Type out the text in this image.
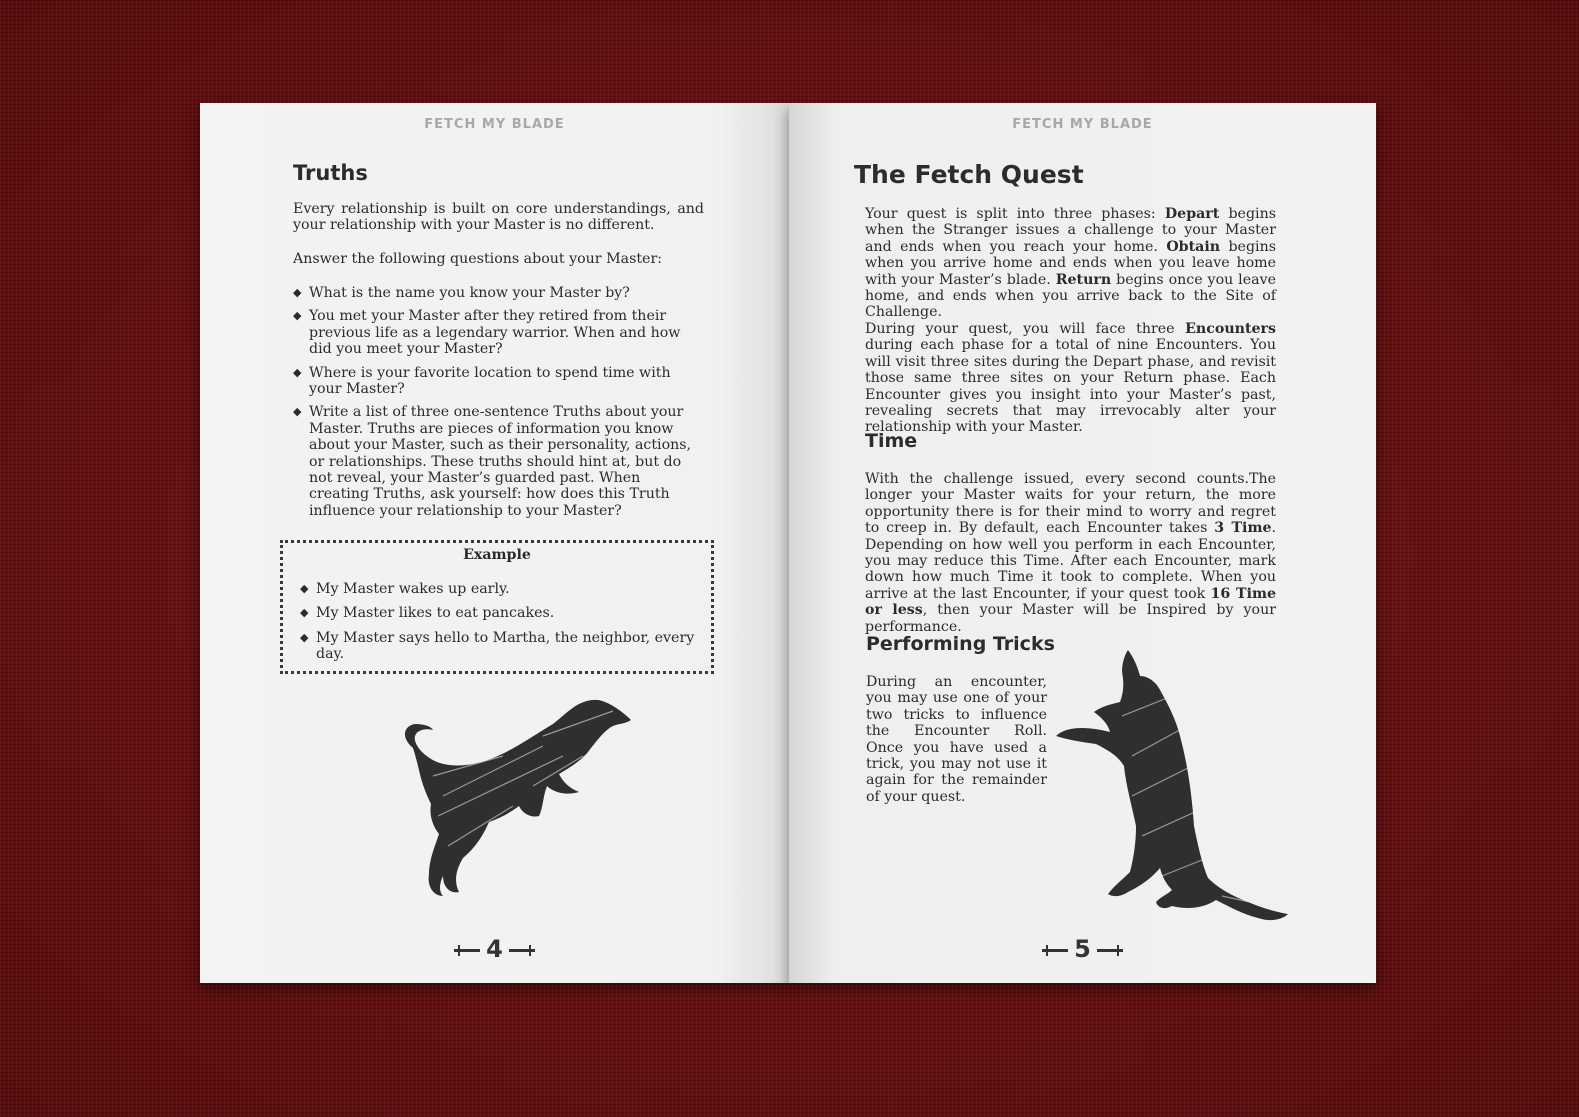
FETCH MY BLADE
Truths

Every relationship is built on core understandings, and your relationship with your Master is no different.

Answer the following questions about your Master:

◆ What is the name you know your Master by?
◆ You met your Master after they retired from their previous life as a legendary warrior. When and how did you meet your Master?
◆ Where is your favorite location to spend time with your Master?
◆ Write a list of three one-sentence Truths about your Master. Truths are pieces of information you know about your Master, such as their personality, actions, or relationships. These truths should hint at, but do not reveal, your Master’s guarded past. When creating Truths, ask yourself: how does this Truth influence your relationship to your Master?
Example
◆ My Master wakes up early.
◆ My Master likes to eat pancakes.
◆ My Master says hello to Martha, the neighbor, every day.
4
FETCH MY BLADE
The Fetch Quest

Your quest is split into three phases: Depart begins when the Stranger issues a challenge to your Master and ends when you reach your home. Obtain begins when you arrive home and ends when you leave home with your Master’s blade. Return begins once you leave home, and ends when you arrive back to the Site of Challenge.

During your quest, you will face three Encounters during each phase for a total of nine Encounters. You will visit three sites during the Depart phase, and revisit those same three sites on your Return phase. Each Encounter gives you insight into your Master’s past, revealing secrets that may irrevocably alter your relationship with your Master.

Time

With the challenge issued, every second counts.The longer your Master waits for your return, the more opportunity there is for their mind to worry and regret to creep in. By default, each Encounter takes 3 Time. Depending on how well you perform in each Encounter, you may reduce this Time. After each Encounter, mark down how much Time it took to complete. When you arrive at the last Encounter, if your quest took 16 Time or less, then your Master will be Inspired by your performance.

Performing Tricks

During an encounter, you may use one of your two tricks to influence the Encounter Roll. Once you have used a trick, you may not use it again for the remainder of your quest.

5
